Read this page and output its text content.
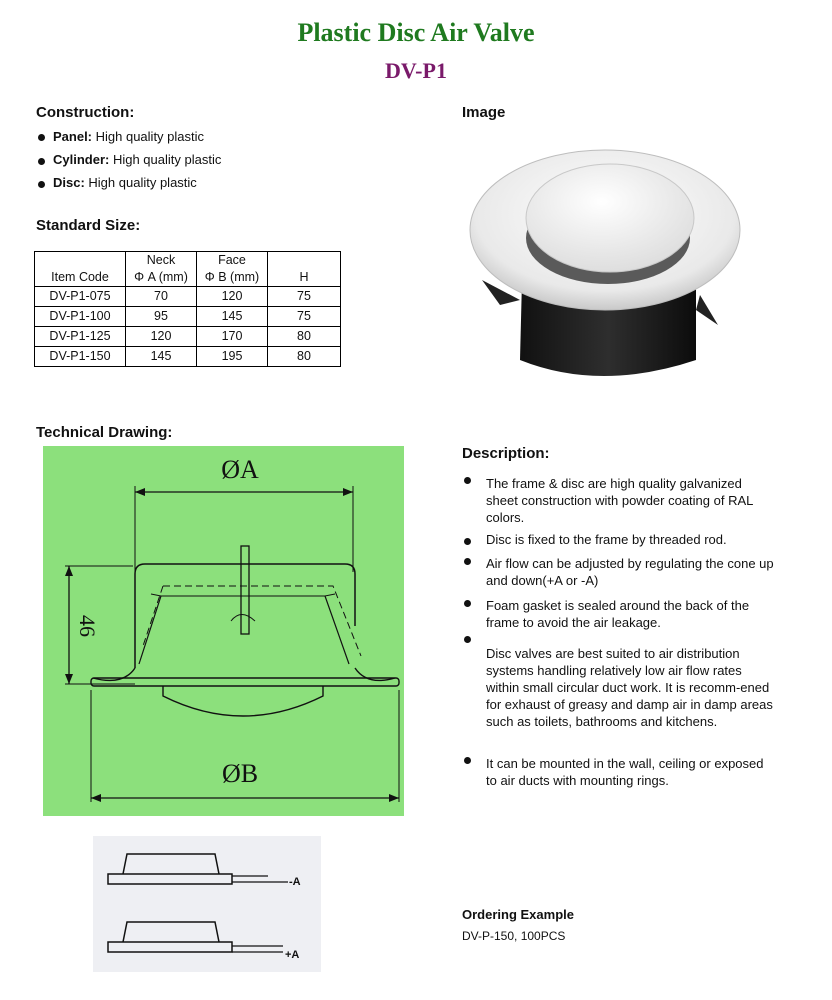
Plastic Disc Air Valve
DV-P1
Construction:
Panel: High quality plastic
Cylinder: High quality plastic
Disc: High quality plastic
Standard Size:
	Neck	Face	
Item Code	Φ A (mm)	Φ B (mm)	H
DV-P1-075	70	120	75
DV-P1-100	95	145	75
DV-P1-125	120	170	80
DV-P1-150	145	195	80
Image
Technical Drawing:
ØA
46
ØB
-A
+A
Description:
The frame & disc are high quality galvanized sheet construction with powder coating of RAL colors.
Disc is fixed to the frame by threaded rod.
Air flow can be adjusted by regulating the cone up and down(+A or -A)
Foam gasket is sealed around the back of the frame to avoid the air leakage.
Disc valves are best suited to air distribution systems handling relatively low air flow rates within small circular duct work. It is recomm-ened for exhaust of greasy and damp air in damp areas such as toilets, bathrooms and kitchens.
It can be mounted in the wall, ceiling or exposed to air ducts with mounting rings.
Ordering Example
DV-P-150, 100PCS
